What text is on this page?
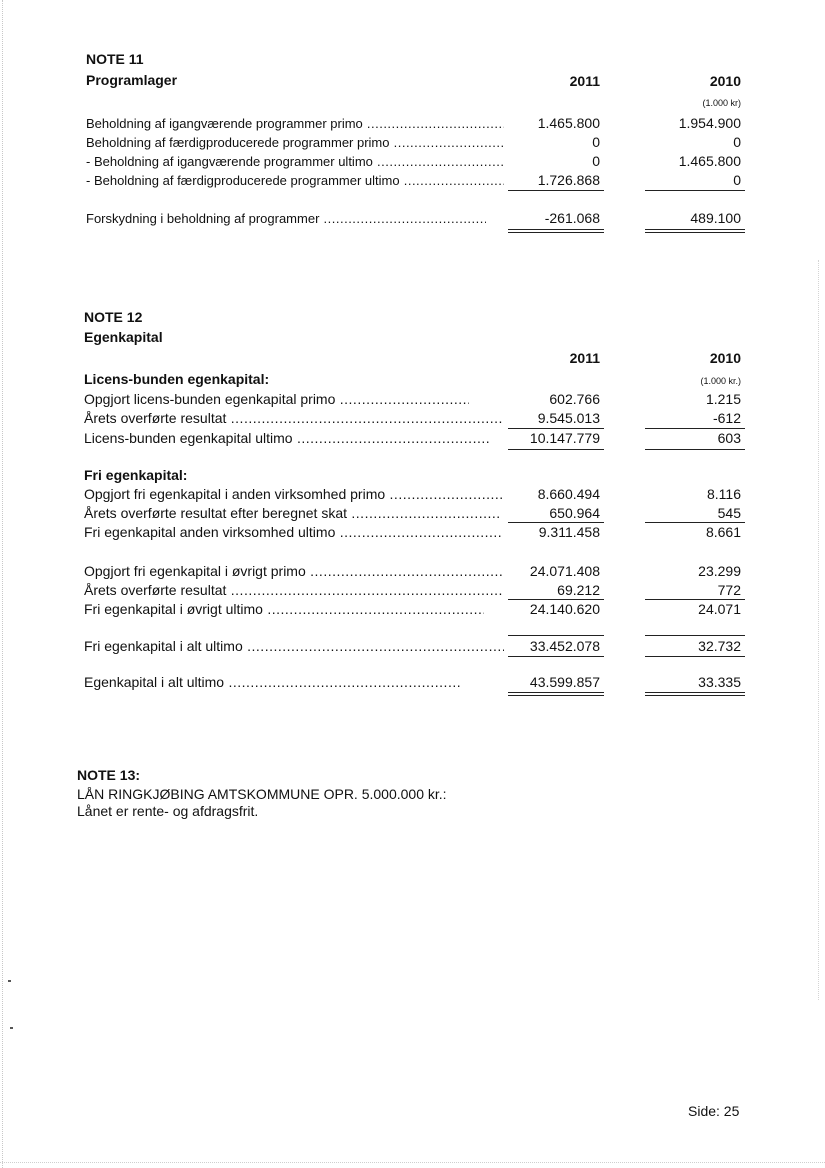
NOTE 11
Programlager	2011	2010
(1.000 kr)
Beholdning af igangværende programmer primo .....	1.465.800	1.954.900
Beholdning af færdigproducerede programmer primo .....	0	0
- Beholdning af igangværende programmer ultimo .....	0	1.465.800
- Beholdning af færdigproducerede programmer ultimo .....	1.726.868	0
Forskydning i beholdning af programmer .....	-261.068	489.100
NOTE 12
Egenkapital
2011	2010
Licens-bunden egenkapital:	(1.000 kr.)
Opgjort licens-bunden egenkapital primo .....	602.766	1.215
Årets overførte resultat .....	9.545.013	-612
Licens-bunden egenkapital ultimo .....	10.147.779	603
Fri egenkapital:
Opgjort fri egenkapital i anden virksomhed primo .....	8.660.494	8.116
Årets overførte resultat efter beregnet skat .....	650.964	545
Fri egenkapital anden virksomhed ultimo .....	9.311.458	8.661
Opgjort fri egenkapital i øvrigt primo .....	24.071.408	23.299
Årets overførte resultat .....	69.212	772
Fri egenkapital i øvrigt ultimo .....	24.140.620	24.071
Fri egenkapital i alt ultimo .....	33.452.078	32.732
Egenkapital i alt ultimo .....	43.599.857	33.335
NOTE 13:
LÅN RINGKJØBING AMTSKOMMUNE OPR. 5.000.000 kr.:
Lånet er rente- og afdragsfrit.
Side: 25
